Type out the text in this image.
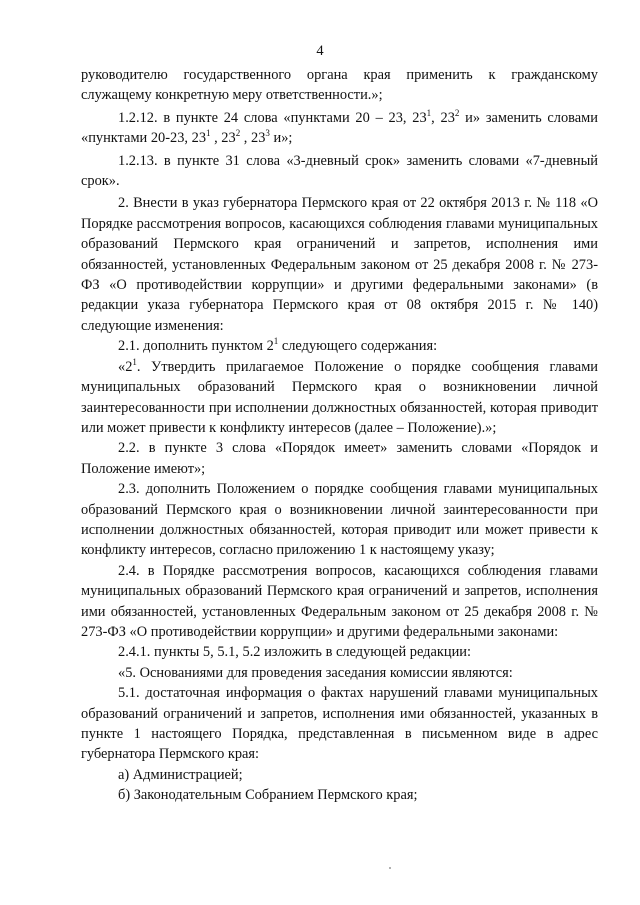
4

руководителю государственного органа края применить к гражданскому служащему конкретную меру ответственности.»;

1.2.12. в пункте 24 слова «пунктами 20 – 23, $23^1$, $23^2$ и» заменить словами «пунктами 20-23, $23^1$ , $23^2$ , $23^3$ и»;

1.2.13. в пункте 31 слова «3-дневный срок» заменить словами «7-дневный срок».

2. Внести в указ губернатора Пермского края от 22 октября 2013 г. № 118 «О Порядке рассмотрения вопросов, касающихся соблюдения главами муниципальных образований Пермского края ограничений и запретов, исполнения ими обязанностей, установленных Федеральным законом от 25 декабря 2008 г. № 273-ФЗ «О противодействии коррупции» и другими федеральными законами» (в редакции указа губернатора Пермского края от 08 октября 2015 г. № 140) следующие изменения:

2.1. дополнить пунктом $2^1$ следующего содержания:

«$2^1$. Утвердить прилагаемое Положение о порядке сообщения главами муниципальных образований Пермского края о возникновении личной заинтересованности при исполнении должностных обязанностей, которая приводит или может привести к конфликту интересов (далее – Положение).»;

2.2. в пункте 3 слова «Порядок имеет» заменить словами «Порядок и Положение имеют»;

2.3. дополнить Положением о порядке сообщения главами муниципальных образований Пермского края о возникновении личной заинтересованности при исполнении должностных обязанностей, которая приводит или может привести к конфликту интересов, согласно приложению 1 к настоящему указу;

2.4. в Порядке рассмотрения вопросов, касающихся соблюдения главами муниципальных образований Пермского края ограничений и запретов, исполнения ими обязанностей, установленных Федеральным законом от 25 декабря 2008 г. № 273-ФЗ «О противодействии коррупции» и другими федеральными законами:

2.4.1. пункты 5, 5.1, 5.2 изложить в следующей редакции:

«5. Основаниями для проведения заседания комиссии являются:

5.1. достаточная информация о фактах нарушений главами муниципальных образований ограничений и запретов, исполнения ими обязанностей, указанных в пункте 1 настоящего Порядка, представленная в письменном виде в адрес губернатора Пермского края:

а) Администрацией;

б) Законодательным Собранием Пермского края;
